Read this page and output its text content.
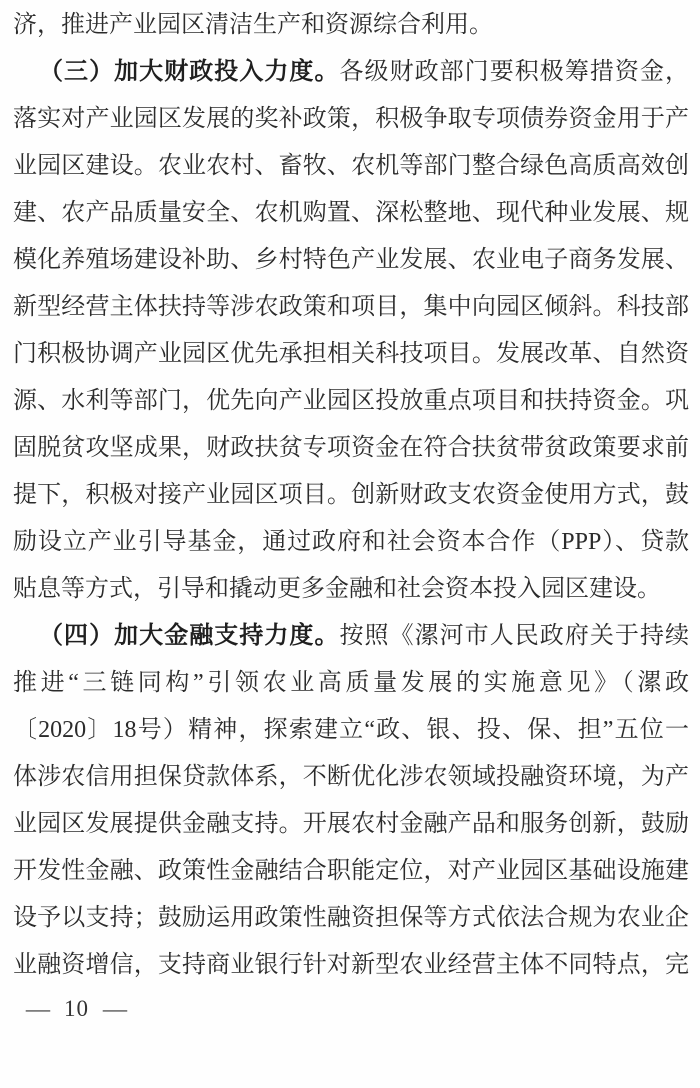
济，推进产业园区清洁生产和资源综合利用。
（三）加大财政投入力度。各级财政部门要积极筹措资金，
落实对产业园区发展的奖补政策，积极争取专项债券资金用于产
业园区建设。农业农村、畜牧、农机等部门整合绿色高质高效创
建、农产品质量安全、农机购置、深松整地、现代种业发展、规
模化养殖场建设补助、乡村特色产业发展、农业电子商务发展、
新型经营主体扶持等涉农政策和项目，集中向园区倾斜。科技部
门积极协调产业园区优先承担相关科技项目。发展改革、自然资
源、水利等部门，优先向产业园区投放重点项目和扶持资金。巩
固脱贫攻坚成果，财政扶贫专项资金在符合扶贫带贫政策要求前
提下，积极对接产业园区项目。创新财政支农资金使用方式，鼓
励设立产业引导基金，通过政府和社会资本合作（PPP）、贷款
贴息等方式，引导和撬动更多金融和社会资本投入园区建设。
（四）加大金融支持力度。按照《漯河市人民政府关于持续
推进“三链同构”引领农业高质量发展的实施意见》（漯政
〔2020〕18号）精神，探索建立“政、银、投、保、担”五位一
体涉农信用担保贷款体系，不断优化涉农领域投融资环境，为产
业园区发展提供金融支持。开展农村金融产品和服务创新，鼓励
开发性金融、政策性金融结合职能定位，对产业园区基础设施建
设予以支持；鼓励运用政策性融资担保等方式依法合规为农业企
业融资增信，支持商业银行针对新型农业经营主体不同特点，完
— 10 —
